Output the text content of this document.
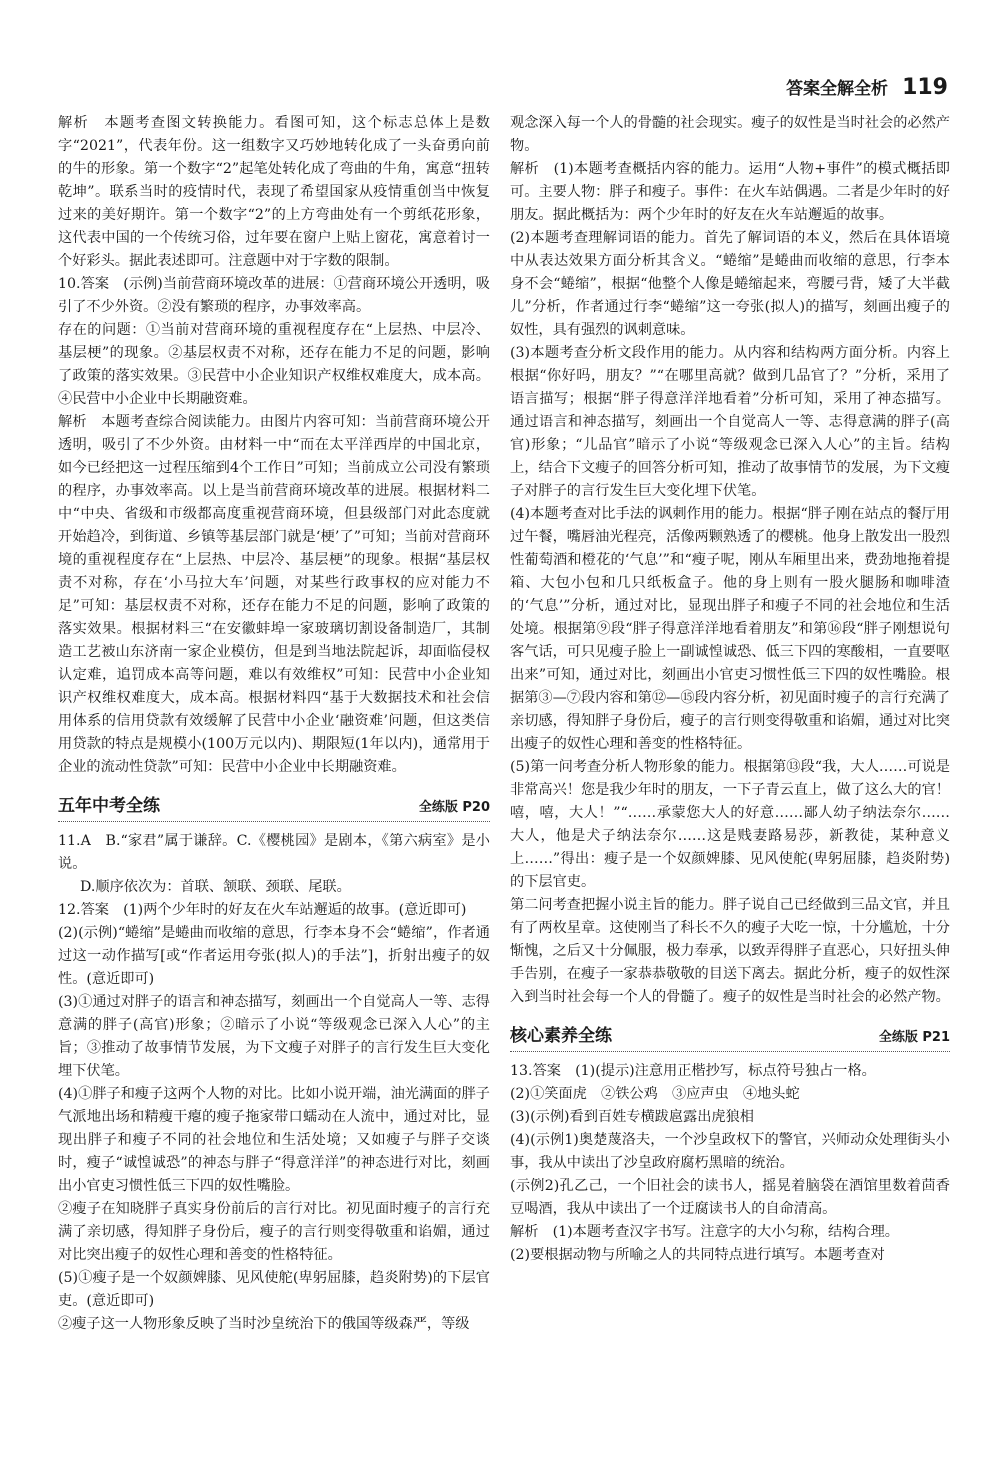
答案全解全析 119

解析　本题考查图文转换能力。看图可知，这个标志总体上是数字“2021”，代表年份。这一组数字又巧妙地转化成了一头奋勇向前的牛的形象。第一个数字“2”起笔处转化成了弯曲的牛角，寓意“扭转乾坤”。联系当时的疫情时代，表现了希望国家从疫情重创当中恢复过来的美好期许。第一个数字“2”的上方弯曲处有一个剪纸花形象，这代表中国的一个传统习俗，过年要在窗户上贴上窗花，寓意着讨一个好彩头。据此表述即可。注意题中对于字数的限制。

10.答案　(示例)当前营商环境改革的进展：①营商环境公开透明，吸引了不少外资。②没有繁琐的程序，办事效率高。

存在的问题：①当前对营商环境的重视程度存在“上层热、中层冷、基层梗”的现象。②基层权责不对称，还存在能力不足的问题，影响了政策的落实效果。③民营中小企业知识产权维权难度大，成本高。④民营中小企业中长期融资难。

解析　本题考查综合阅读能力。由图片内容可知：当前营商环境公开透明，吸引了不少外资。由材料一中“而在太平洋西岸的中国北京，如今已经把这一过程压缩到4个工作日”可知；当前成立公司没有繁琐的程序，办事效率高。以上是当前营商环境改革的进展。根据材料二中“中央、省级和市级都高度重视营商环境，但县级部门对此态度就开始趋冷，到街道、乡镇等基层部门就是‘梗’了”可知；当前对营商环境的重视程度存在“上层热、中层冷、基层梗”的现象。根据“基层权责不对称，存在‘小马拉大车’问题，对某些行政事权的应对能力不足”可知：基层权责不对称，还存在能力不足的问题，影响了政策的落实效果。根据材料三“在安徽蚌埠一家玻璃切割设备制造厂，其制造工艺被山东济南一家企业模仿，但是到当地法院起诉，却面临侵权认定难，追罚成本高等问题，难以有效维权”可知：民营中小企业知识产权维权难度大，成本高。根据材料四“基于大数据技术和社会信用体系的信用贷款有效缓解了民营中小企业‘融资难’问题，但这类信用贷款的特点是规模小(100万元以内)、期限短(1年以内)，通常用于企业的流动性贷款”可知：民营中小企业中长期融资难。

五年中考全练	全练版 P20

11.A　B.“家君”属于谦辞。C.《樱桃园》是剧本，《第六病室》是小说。

D.顺序依次为：首联、颔联、颈联、尾联。

12.答案　(1)两个少年时的好友在火车站邂逅的故事。(意近即可)

(2)(示例)“蜷缩”是蜷曲而收缩的意思，行李本身不会“蜷缩”，作者通过这一动作描写[或“作者运用夸张(拟人)的手法”]，折射出瘦子的奴性。(意近即可)

(3)①通过对胖子的语言和神态描写，刻画出一个自觉高人一等、志得意满的胖子(高官)形象；②暗示了小说“等级观念已深入人心”的主旨；③推动了故事情节发展，为下文瘦子对胖子的言行发生巨大变化埋下伏笔。

(4)①胖子和瘦子这两个人物的对比。比如小说开端，油光满面的胖子气派地出场和精瘦干瘪的瘦子拖家带口蠕动在人流中，通过对比，显现出胖子和瘦子不同的社会地位和生活处境；又如瘦子与胖子交谈时，瘦子“诚惶诚恐”的神态与胖子“得意洋洋”的神态进行对比，刻画出小官吏习惯性低三下四的奴性嘴脸。

②瘦子在知晓胖子真实身份前后的言行对比。初见面时瘦子的言行充满了亲切感，得知胖子身份后，瘦子的言行则变得敬重和谄媚，通过对比突出瘦子的奴性心理和善变的性格特征。

(5)①瘦子是一个奴颜婢膝、见风使舵(卑躬屈膝，趋炎附势)的下层官吏。(意近即可)

②瘦子这一人物形象反映了当时沙皇统治下的俄国等级森严，等级

观念深入每一个人的骨髓的社会现实。瘦子的奴性是当时社会的必然产物。

解析　(1)本题考查概括内容的能力。运用“人物+事件”的模式概括即可。主要人物：胖子和瘦子。事件：在火车站偶遇。二者是少年时的好朋友。据此概括为：两个少年时的好友在火车站邂逅的故事。

(2)本题考查理解词语的能力。首先了解词语的本义，然后在具体语境中从表达效果方面分析其含义。“蜷缩”是蜷曲而收缩的意思，行李本身不会“蜷缩”，根据“他整个人像是蜷缩起来，弯腰弓背，矮了大半截儿”分析，作者通过行李“蜷缩”这一夸张(拟人)的描写，刻画出瘦子的奴性，具有强烈的讽刺意味。

(3)本题考查分析文段作用的能力。从内容和结构两方面分析。内容上根据“你好吗，朋友？”“在哪里高就？做到几品官了？”分析，采用了语言描写；根据“胖子得意洋洋地看着”分析可知，采用了神态描写。通过语言和神态描写，刻画出一个自觉高人一等、志得意满的胖子(高官)形象；“儿品官”暗示了小说“等级观念已深入人心”的主旨。结构上，结合下文瘦子的回答分析可知，推动了故事情节的发展，为下文瘦子对胖子的言行发生巨大变化埋下伏笔。

(4)本题考查对比手法的讽刺作用的能力。根据“胖子刚在站点的餐厅用过午餐，嘴唇油光程亮，活像两颗熟透了的樱桃。他身上散发出一股烈性葡萄酒和橙花的‘气息’”和“瘦子呢，刚从车厢里出来，费劲地拖着提箱、大包小包和几只纸板盒子。他的身上则有一股火腿肠和咖啡渣的‘气息’”分析，通过对比，显现出胖子和瘦子不同的社会地位和生活处境。根据第⑨段“胖子得意洋洋地看着朋友”和第⑯段“胖子刚想说句客气话，可只见瘦子脸上一副诚惶诚恐、低三下四的寒酸相，一直要呕出来”可知，通过对比，刻画出小官吏习惯性低三下四的奴性嘴脸。根据第③—⑦段内容和第⑫—⑮段内容分析，初见面时瘦子的言行充满了亲切感，得知胖子身份后，瘦子的言行则变得敬重和谄媚，通过对比突出瘦子的奴性心理和善变的性格特征。

(5)第一问考查分析人物形象的能力。根据第⑬段“我，大人……可说是非常高兴！您是我少年时的朋友，一下子青云直上，做了这么大的官！嘻，嘻，大人！”“……承蒙您大人的好意……鄙人幼子纳法奈尔……大人，他是犬子纳法奈尔……这是贱妻路易莎，新教徒，某种意义上……”得出：瘦子是一个奴颜婢膝、见风使舵(卑躬屈膝，趋炎附势)的下层官吏。

第二问考查把握小说主旨的能力。胖子说自己已经做到三品文官，并且有了两枚星章。这使刚当了科长不久的瘦子大吃一惊，十分尴尬，十分惭愧，之后又十分佩服，极力奉承，以致弄得胖子直恶心，只好扭头伸手告别，在瘦子一家恭恭敬敬的目送下离去。据此分析，瘦子的奴性深入到当时社会每一个人的骨髓了。瘦子的奴性是当时社会的必然产物。

核心素养全练	全练版 P21

13.答案　(1)(提示)注意用正楷抄写，标点符号独占一格。

(2)①笑面虎　②铁公鸡　③应声虫　④地头蛇

(3)(示例)看到百姓专横跋扈露出虎狼相

(4)(示例1)奥楚蔑洛夫，一个沙皇政权下的警官，兴师动众处理街头小事，我从中读出了沙皇政府腐朽黑暗的统治。

(示例2)孔乙己，一个旧社会的读书人，摇晃着脑袋在酒馆里数着茴香豆喝酒，我从中读出了一个迂腐读书人的自命清高。

解析　(1)本题考查汉字书写。注意字的大小匀称，结构合理。

(2)要根据动物与所喻之人的共同特点进行填写。本题考查对
